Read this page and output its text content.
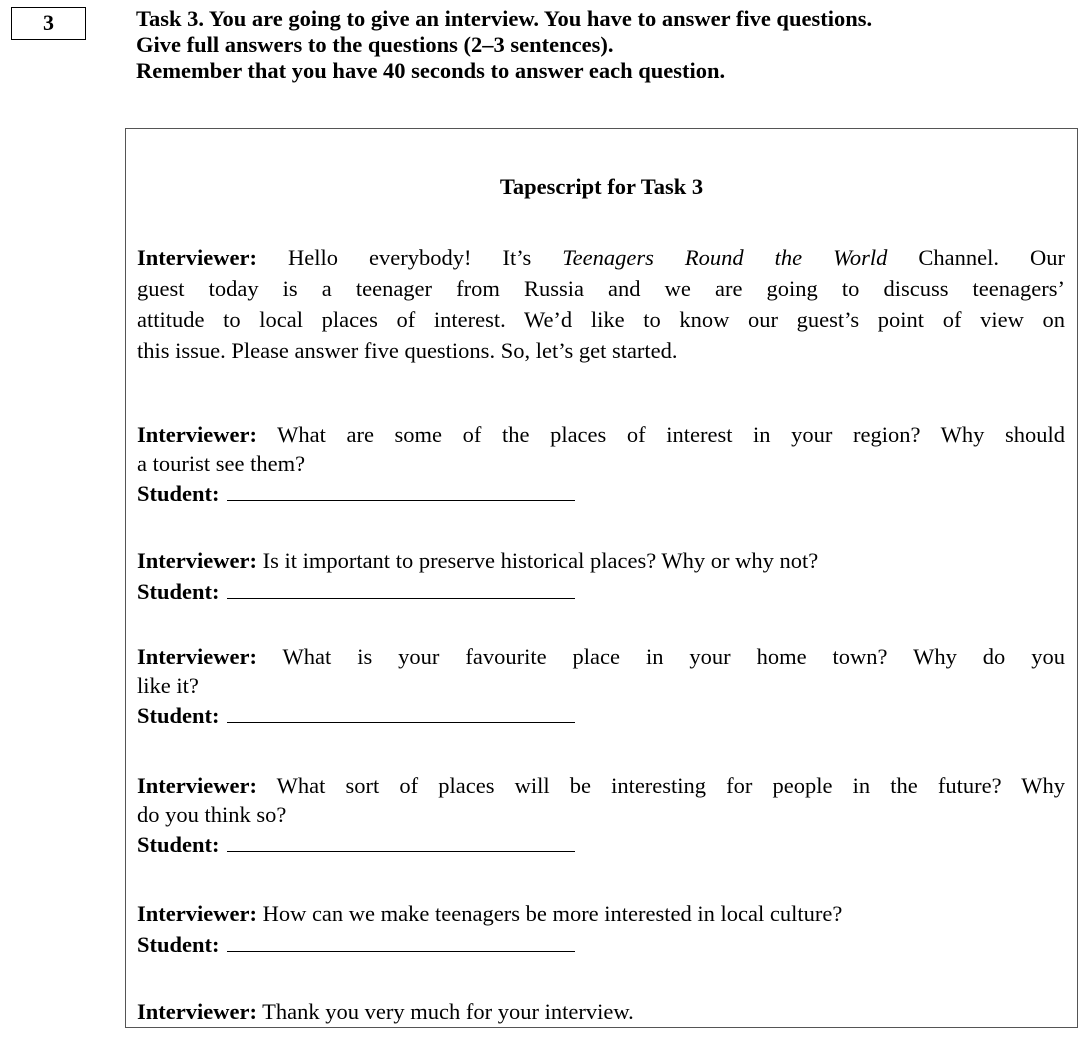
3	Task 3. You are going to give an interview. You have to answer five questions.
Give full answers to the questions (2–3 sentences).
Remember that you have 40 seconds to answer each question.
Tapescript for Task 3
Interviewer: Hello everybody! It’s Teenagers Round the World Channel. Our
guest today is a teenager from Russia and we are going to discuss teenagers’
attitude to local places of interest. We’d like to know our guest’s point of view on
this issue. Please answer five questions. So, let’s get started.
Interviewer: What are some of the places of interest in your region? Why should
a tourist see them?
Student:
Interviewer: Is it important to preserve historical places? Why or why not?
Student:
Interviewer: What is your favourite place in your home town? Why do you
like it?
Student:
Interviewer: What sort of places will be interesting for people in the future? Why
do you think so?
Student:
Interviewer: How can we make teenagers be more interested in local culture?
Student:
Interviewer: Thank you very much for your interview.
